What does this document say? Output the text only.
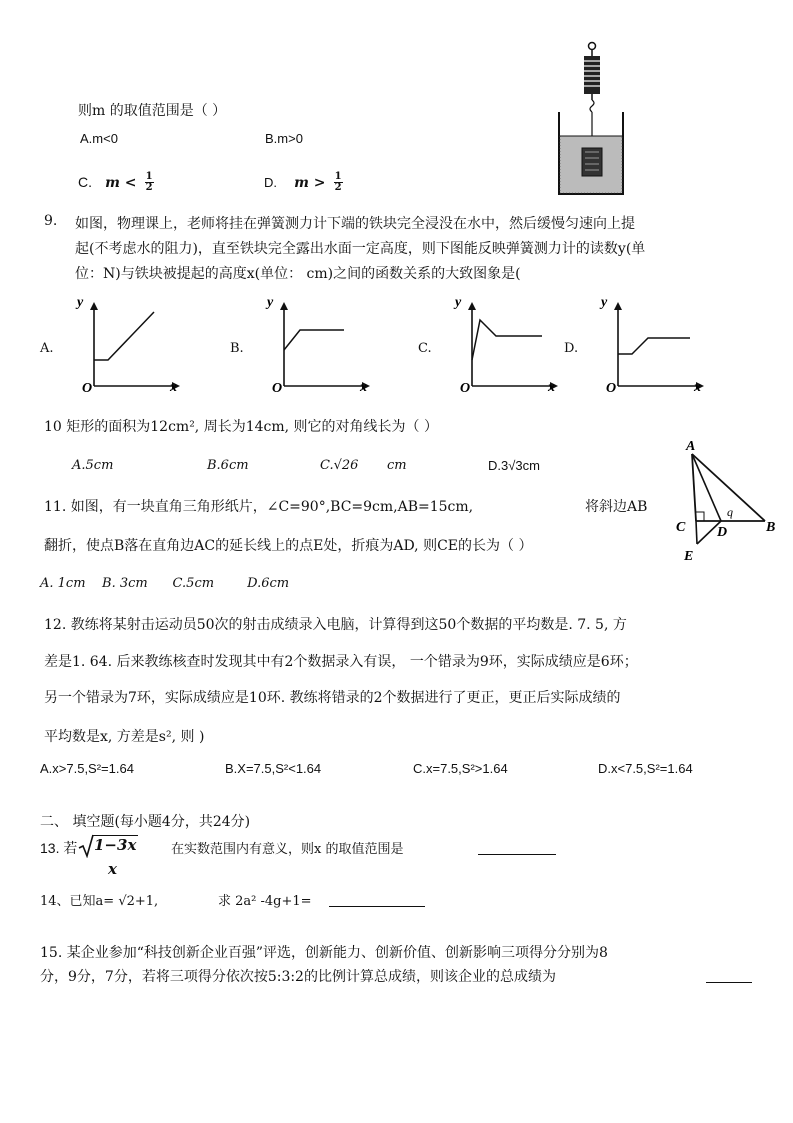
则m 的取值范围是（ ）
A.m<0	B.m>0
C. $m < \frac{1}{2}$	D. $m > \frac{1}{2}$
9. 如图，物理课上，老师将挂在弹簧测力计下端的铁块完全浸没在水中，然后缓慢匀速向上提
起(不考虑水的阻力)，直至铁块完全露出水面一定高度，则下图能反映弹簧测力计的读数y(单
位：N)与铁块被提起的高度x(单位： cm)之间的函数关系的大致图象是(
A.
y
x
O
B.
y
x
O
C.
y
x
O
D.
y
x
O
10 矩形的面积为12cm², 周长为14cm, 则它的对角线长为（ ）
A.5cm	B.6cm	C.√26 cm	D.3√3cm
A
C D	B
E
q
11. 如图，有一块直角三角形纸片，∠C=90°,BC=9cm,AB=15cm,	将斜边AB
翻折，使点B落在直角边AC的延长线上的点E处，折痕为AD, 则CE的长为（ ）
A. 1cm    B. 3cm      C.5cm        D.6cm
12. 教练将某射击运动员50次的射击成绩录入电脑，计算得到这50个数据的平均数是. 7. 5, 方
差是1. 64. 后来教练核查时发现其中有2个数据录入有误， 一个错录为9环，实际成绩应是6环；
另一个错录为7环，实际成绩应是10环. 教练将错录的2个数据进行了更正，更正后实际成绩的
平均数是x, 方差是s², 则 )
A.x>7.5,S²=1.64	B.X=7.5,S²<1.64	C.x=7.5,S²>1.64	D.x<7.5,S²=1.64
二、 填空题(每小题4分，共24分)
13. 若 1−3x
x
在实数范围内有意义，则x 的取值范围是
14、已知a= √2+1,	求 2a² -4g+1=
15. 某企业参加“科技创新企业百强”评选，创新能力、创新价值、创新影响三项得分分别为8
分，9分，7分，若将三项得分依次按5:3:2的比例计算总成绩，则该企业的总成绩为
